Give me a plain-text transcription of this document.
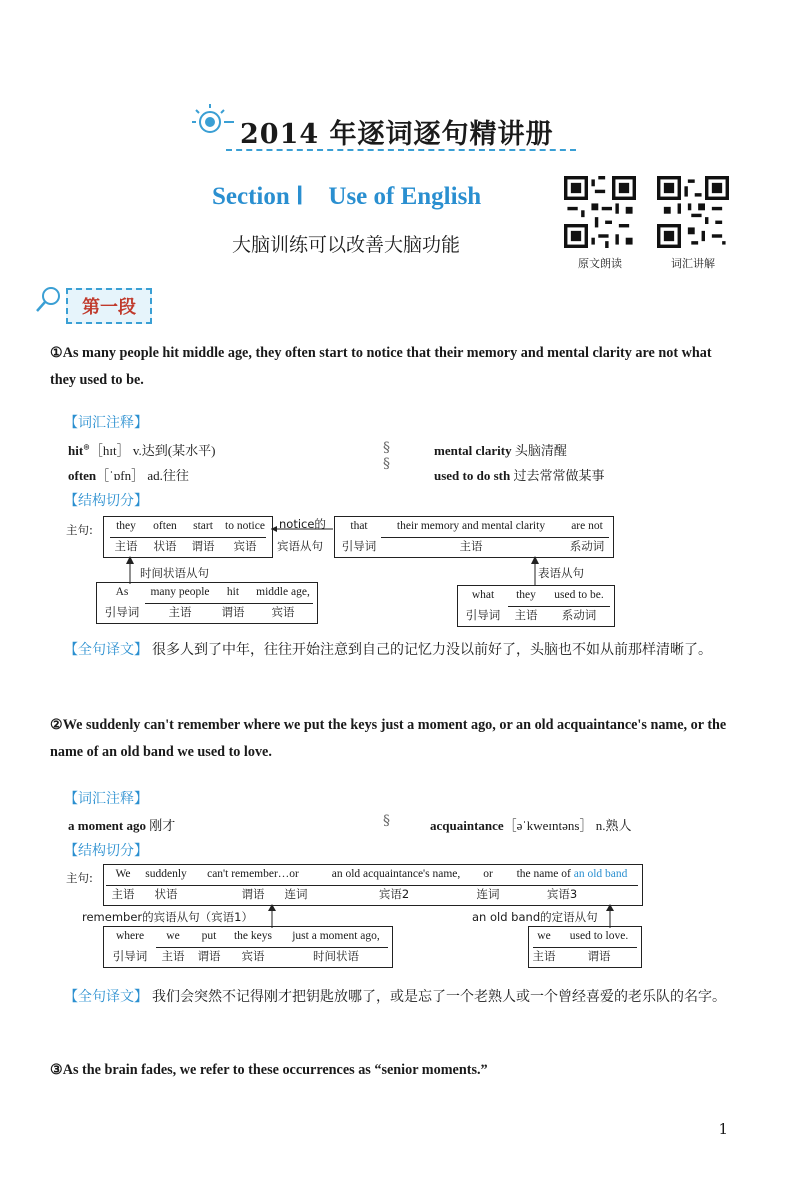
2014 年逐词逐句精讲册
Section Ⅰ　Use of English
大脑训练可以改善大脑功能
原文朗读	词汇讲解
第一段
①As many people hit middle age, they often start to notice that their memory and mental clarity are not what they used to be.
【词汇注释】
hit⊛［hɪt］ v.达到(某水平)	mental clarity 头脑清醒
often［ˈɒfn］ ad.往往	used to do sth 过去常常做某事
§
§
【结构切分】
主句:	they	often	start	to notice
主语	状语	谓语	宾语
notice的
宾语从句
that	their memory and mental clarity	are not
引导词	主语	系动词
时间状语从句
As	many people	hit	middle age,
引导词	主语	谓语	宾语
表语从句
what	they	used to be.
引导词	主语	系动词
【全句译文】 很多人到了中年，往往开始注意到自己的记忆力没以前好了，头脑也不如从前那样清晰了。
②We suddenly can't remember where we put the keys just a moment ago, or an old acquaintance's name, or the name of an old band we used to love.
【词汇注释】
a moment ago 刚才	§	acquaintance［əˈkweɪntəns］ n.熟人
【结构切分】
主句:	We	suddenly	can't remember…or	an old acquaintance's name,	or	the name of an old band
主语	状语	谓语	连词	宾语2	连词	宾语3
remember的宾语从句（宾语1）
where	we	put	the keys	just a moment ago,
引导词	主语	谓语	宾语	时间状语
an old band的定语从句
we	used to love.
主语	谓语
【全句译文】 我们会突然不记得刚才把钥匙放哪了，或是忘了一个老熟人或一个曾经喜爱的老乐队的名字。
③As the brain fades, we refer to these occurrences as “senior moments.”
1
